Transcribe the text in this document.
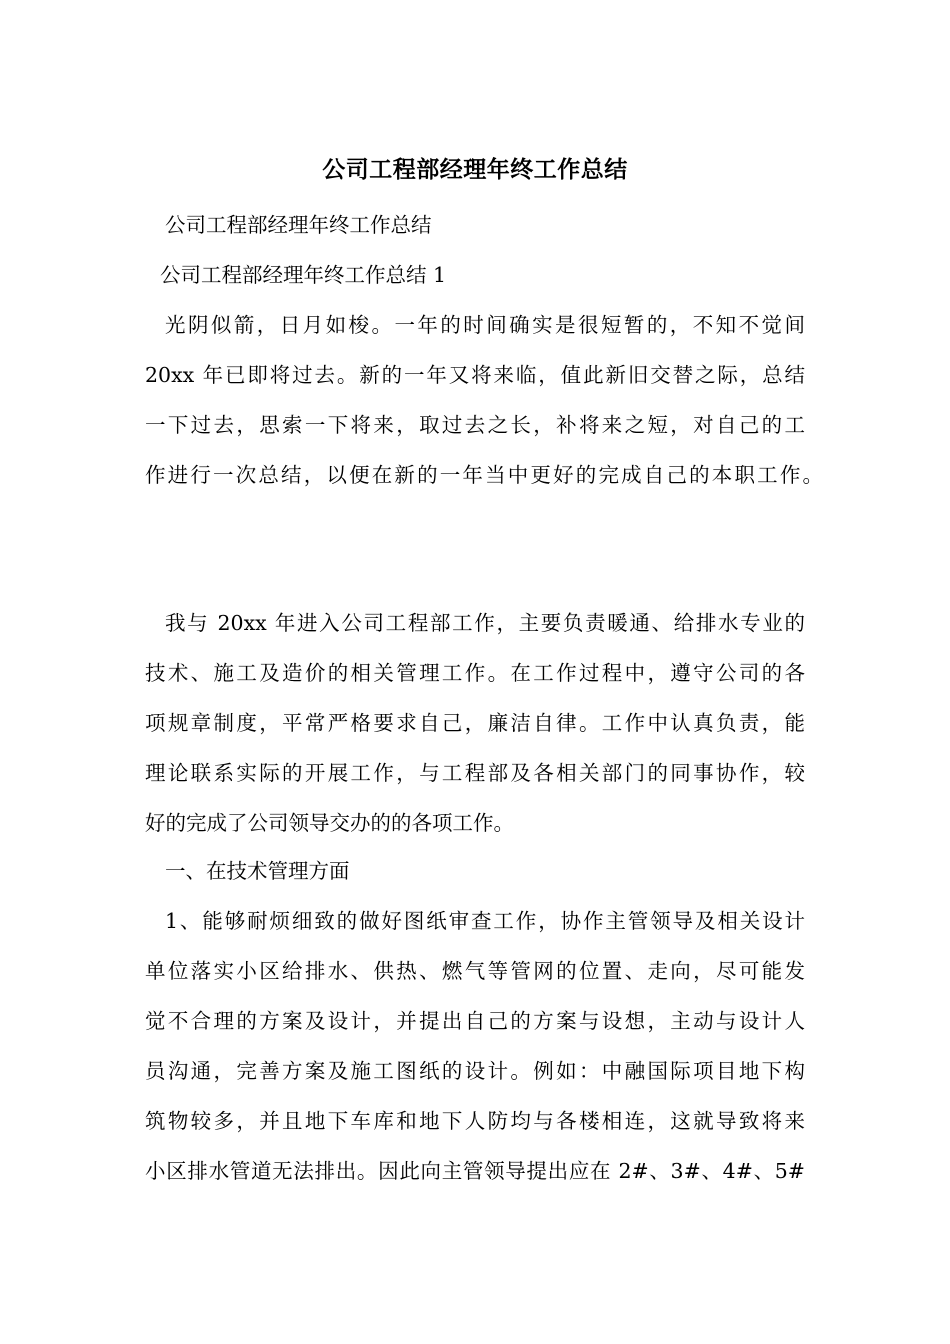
公司工程部经理年终工作总结
公司工程部经理年终工作总结
公司工程部经理年终工作总结 1
光阴似箭，日月如梭。一年的时间确实是很短暂的，不知不觉间
20xx 年已即将过去。新的一年又将来临，值此新旧交替之际，总结
一下过去，思索一下将来，取过去之长，补将来之短，对自己的工
作进行一次总结，以便在新的一年当中更好的完成自己的本职工作。
我与 20xx 年进入公司工程部工作，主要负责暖通、给排水专业的
技术、施工及造价的相关管理工作。在工作过程中，遵守公司的各
项规章制度，平常严格要求自己，廉洁自律。工作中认真负责，能
理论联系实际的开展工作，与工程部及各相关部门的同事协作，较
好的完成了公司领导交办的的各项工作。
一、在技术管理方面
1、能够耐烦细致的做好图纸审查工作，协作主管领导及相关设计
单位落实小区给排水、供热、燃气等管网的位置、走向，尽可能发
觉不合理的方案及设计，并提出自己的方案与设想，主动与设计人
员沟通，完善方案及施工图纸的设计。例如：中融国际项目地下构
筑物较多，并且地下车库和地下人防均与各楼相连，这就导致将来
小区排水管道无法排出。因此向主管领导提出应在 2#、3#、4#、5#
